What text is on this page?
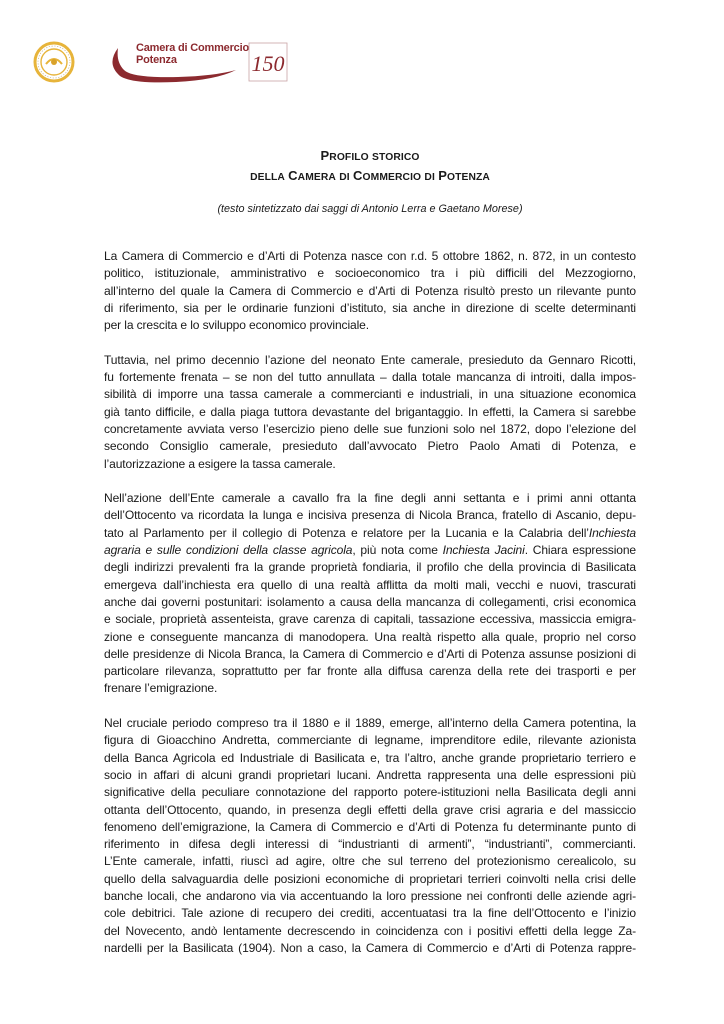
Camera di Commercio
Potenza	150
PROFILO STORICO
DELLA CAMERA DI COMMERCIO DI POTENZA
(testo sintetizzato dai saggi di Antonio Lerra e Gaetano Morese)
La Camera di Commercio e d’Arti di Potenza nasce con r.d. 5 ottobre 1862, n. 872, in un contesto
politico, istituzionale, amministrativo e socioeconomico tra i più difficili del Mezzogiorno,
all’interno del quale la Camera di Commercio e d’Arti di Potenza risultò presto un rilevante punto
di riferimento, sia per le ordinarie funzioni d’istituto, sia anche in direzione di scelte determinanti
per la crescita e lo sviluppo economico provinciale.
Tuttavia, nel primo decennio l’azione del neonato Ente camerale, presieduto da Gennaro Ricotti,
fu fortemente frenata – se non del tutto annullata – dalla totale mancanza di introiti, dalla impos-
sibilità di imporre una tassa camerale a commercianti e industriali, in una situazione economica
già tanto difficile, e dalla piaga tuttora devastante del brigantaggio. In effetti, la Camera si sarebbe
concretamente avviata verso l’esercizio pieno delle sue funzioni solo nel 1872, dopo l’elezione del
secondo Consiglio camerale, presieduto dall’avvocato Pietro Paolo Amati di Potenza, e
l’autorizzazione a esigere la tassa camerale.
Nell’azione dell’Ente camerale a cavallo fra la fine degli anni settanta e i primi anni ottanta
dell’Ottocento va ricordata la lunga e incisiva presenza di Nicola Branca, fratello di Ascanio, depu-
tato al Parlamento per il collegio di Potenza e relatore per la Lucania e la Calabria dell’Inchiesta
agraria e sulle condizioni della classe agricola, più nota come Inchiesta Jacini. Chiara espressione
degli indirizzi prevalenti fra la grande proprietà fondiaria, il profilo che della provincia di Basilicata
emergeva dall’inchiesta era quello di una realtà afflitta da molti mali, vecchi e nuovi, trascurati
anche dai governi postunitari: isolamento a causa della mancanza di collegamenti, crisi economica
e sociale, proprietà assenteista, grave carenza di capitali, tassazione eccessiva, massiccia emigra-
zione e conseguente mancanza di manodopera. Una realtà rispetto alla quale, proprio nel corso
delle presidenze di Nicola Branca, la Camera di Commercio e d’Arti di Potenza assunse posizioni di
particolare rilevanza, soprattutto per far fronte alla diffusa carenza della rete dei trasporti e per
frenare l’emigrazione.
Nel cruciale periodo compreso tra il 1880 e il 1889, emerge, all’interno della Camera potentina, la
figura di Gioacchino Andretta, commerciante di legname, imprenditore edile, rilevante azionista
della Banca Agricola ed Industriale di Basilicata e, tra l’altro, anche grande proprietario terriero e
socio in affari di alcuni grandi proprietari lucani. Andretta rappresenta una delle espressioni più
significative della peculiare connotazione del rapporto potere-istituzioni nella Basilicata degli anni
ottanta dell’Ottocento, quando, in presenza degli effetti della grave crisi agraria e del massiccio
fenomeno dell’emigrazione, la Camera di Commercio e d’Arti di Potenza fu determinante punto di
riferimento in difesa degli interessi di “industrianti di armenti”, “industrianti”, commercianti.
L’Ente camerale, infatti, riuscì ad agire, oltre che sul terreno del protezionismo cerealicolo, su
quello della salvaguardia delle posizioni economiche di proprietari terrieri coinvolti nella crisi delle
banche locali, che andarono via via accentuando la loro pressione nei confronti delle aziende agri-
cole debitrici. Tale azione di recupero dei crediti, accentuatasi tra la fine dell’Ottocento e l’inizio
del Novecento, andò lentamente decrescendo in coincidenza con i positivi effetti della legge Za-
nardelli per la Basilicata (1904). Non a caso, la Camera di Commercio e d’Arti di Potenza rappre-
